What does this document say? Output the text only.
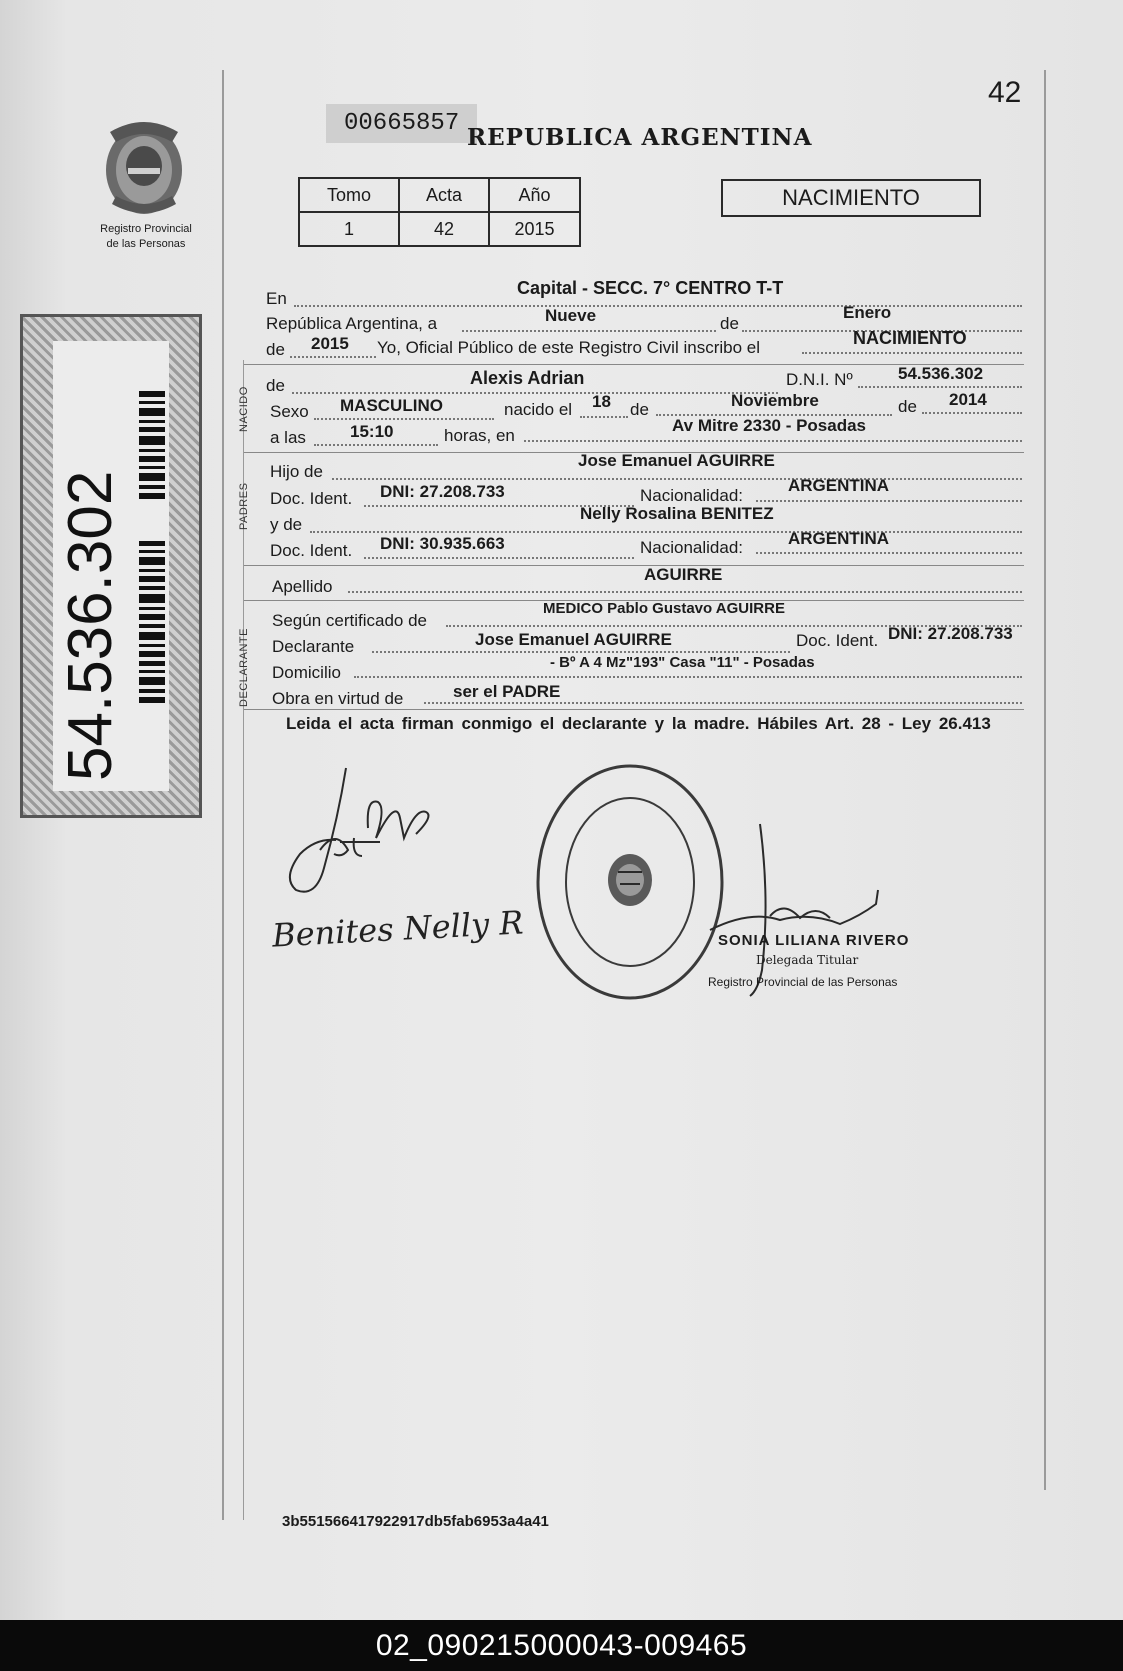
42
Registro Provincial
de las Personas
54.536.302
00665857
REPUBLICA ARGENTINA
Tomo	Acta	Año
1	42	2015
NACIMIENTO
En
Capital - SECC. 7° CENTRO T-T
República Argentina, a	Nueve	de
Enero
de 2015 Yo, Oficial Público de este Registro Civil inscribo el	NACIMIENTO
NACIDO
de	Alexis Adrian	D.N.I. Nº	54.536.302
Sexo MASCULINO	nacido el 18 de	Noviembre	de 2014
a las	15:10	horas, en
Av Mitre 2330 - Posadas
PADRES
Hijo de
Jose Emanuel AGUIRRE
Doc. Ident. DNI: 27.208.733	Nacionalidad:
ARGENTINA
y de
Nelly Rosalina BENITEZ
Doc. Ident. DNI: 30.935.663	Nacionalidad:	ARGENTINA
Apellido
AGUIRRE
DECLARANTE
Según certificado de
MEDICO Pablo Gustavo AGUIRRE
Declarante	Jose Emanuel AGUIRRE	Doc. Ident. DNI: 27.208.733
Domicilio
- Bº A 4 Mz"193" Casa "11" - Posadas
Obra en virtud de	ser el PADRE
Leida el acta firman conmigo el declarante y la madre. Hábiles Art. 28 - Ley 26.413
Benites Nelly R	SONIA LILIANA RIVERO
Delegada Titular
Registro Provincial de las Personas
3b551566417922917db5fab6953a4a41
02_090215000043-009465
